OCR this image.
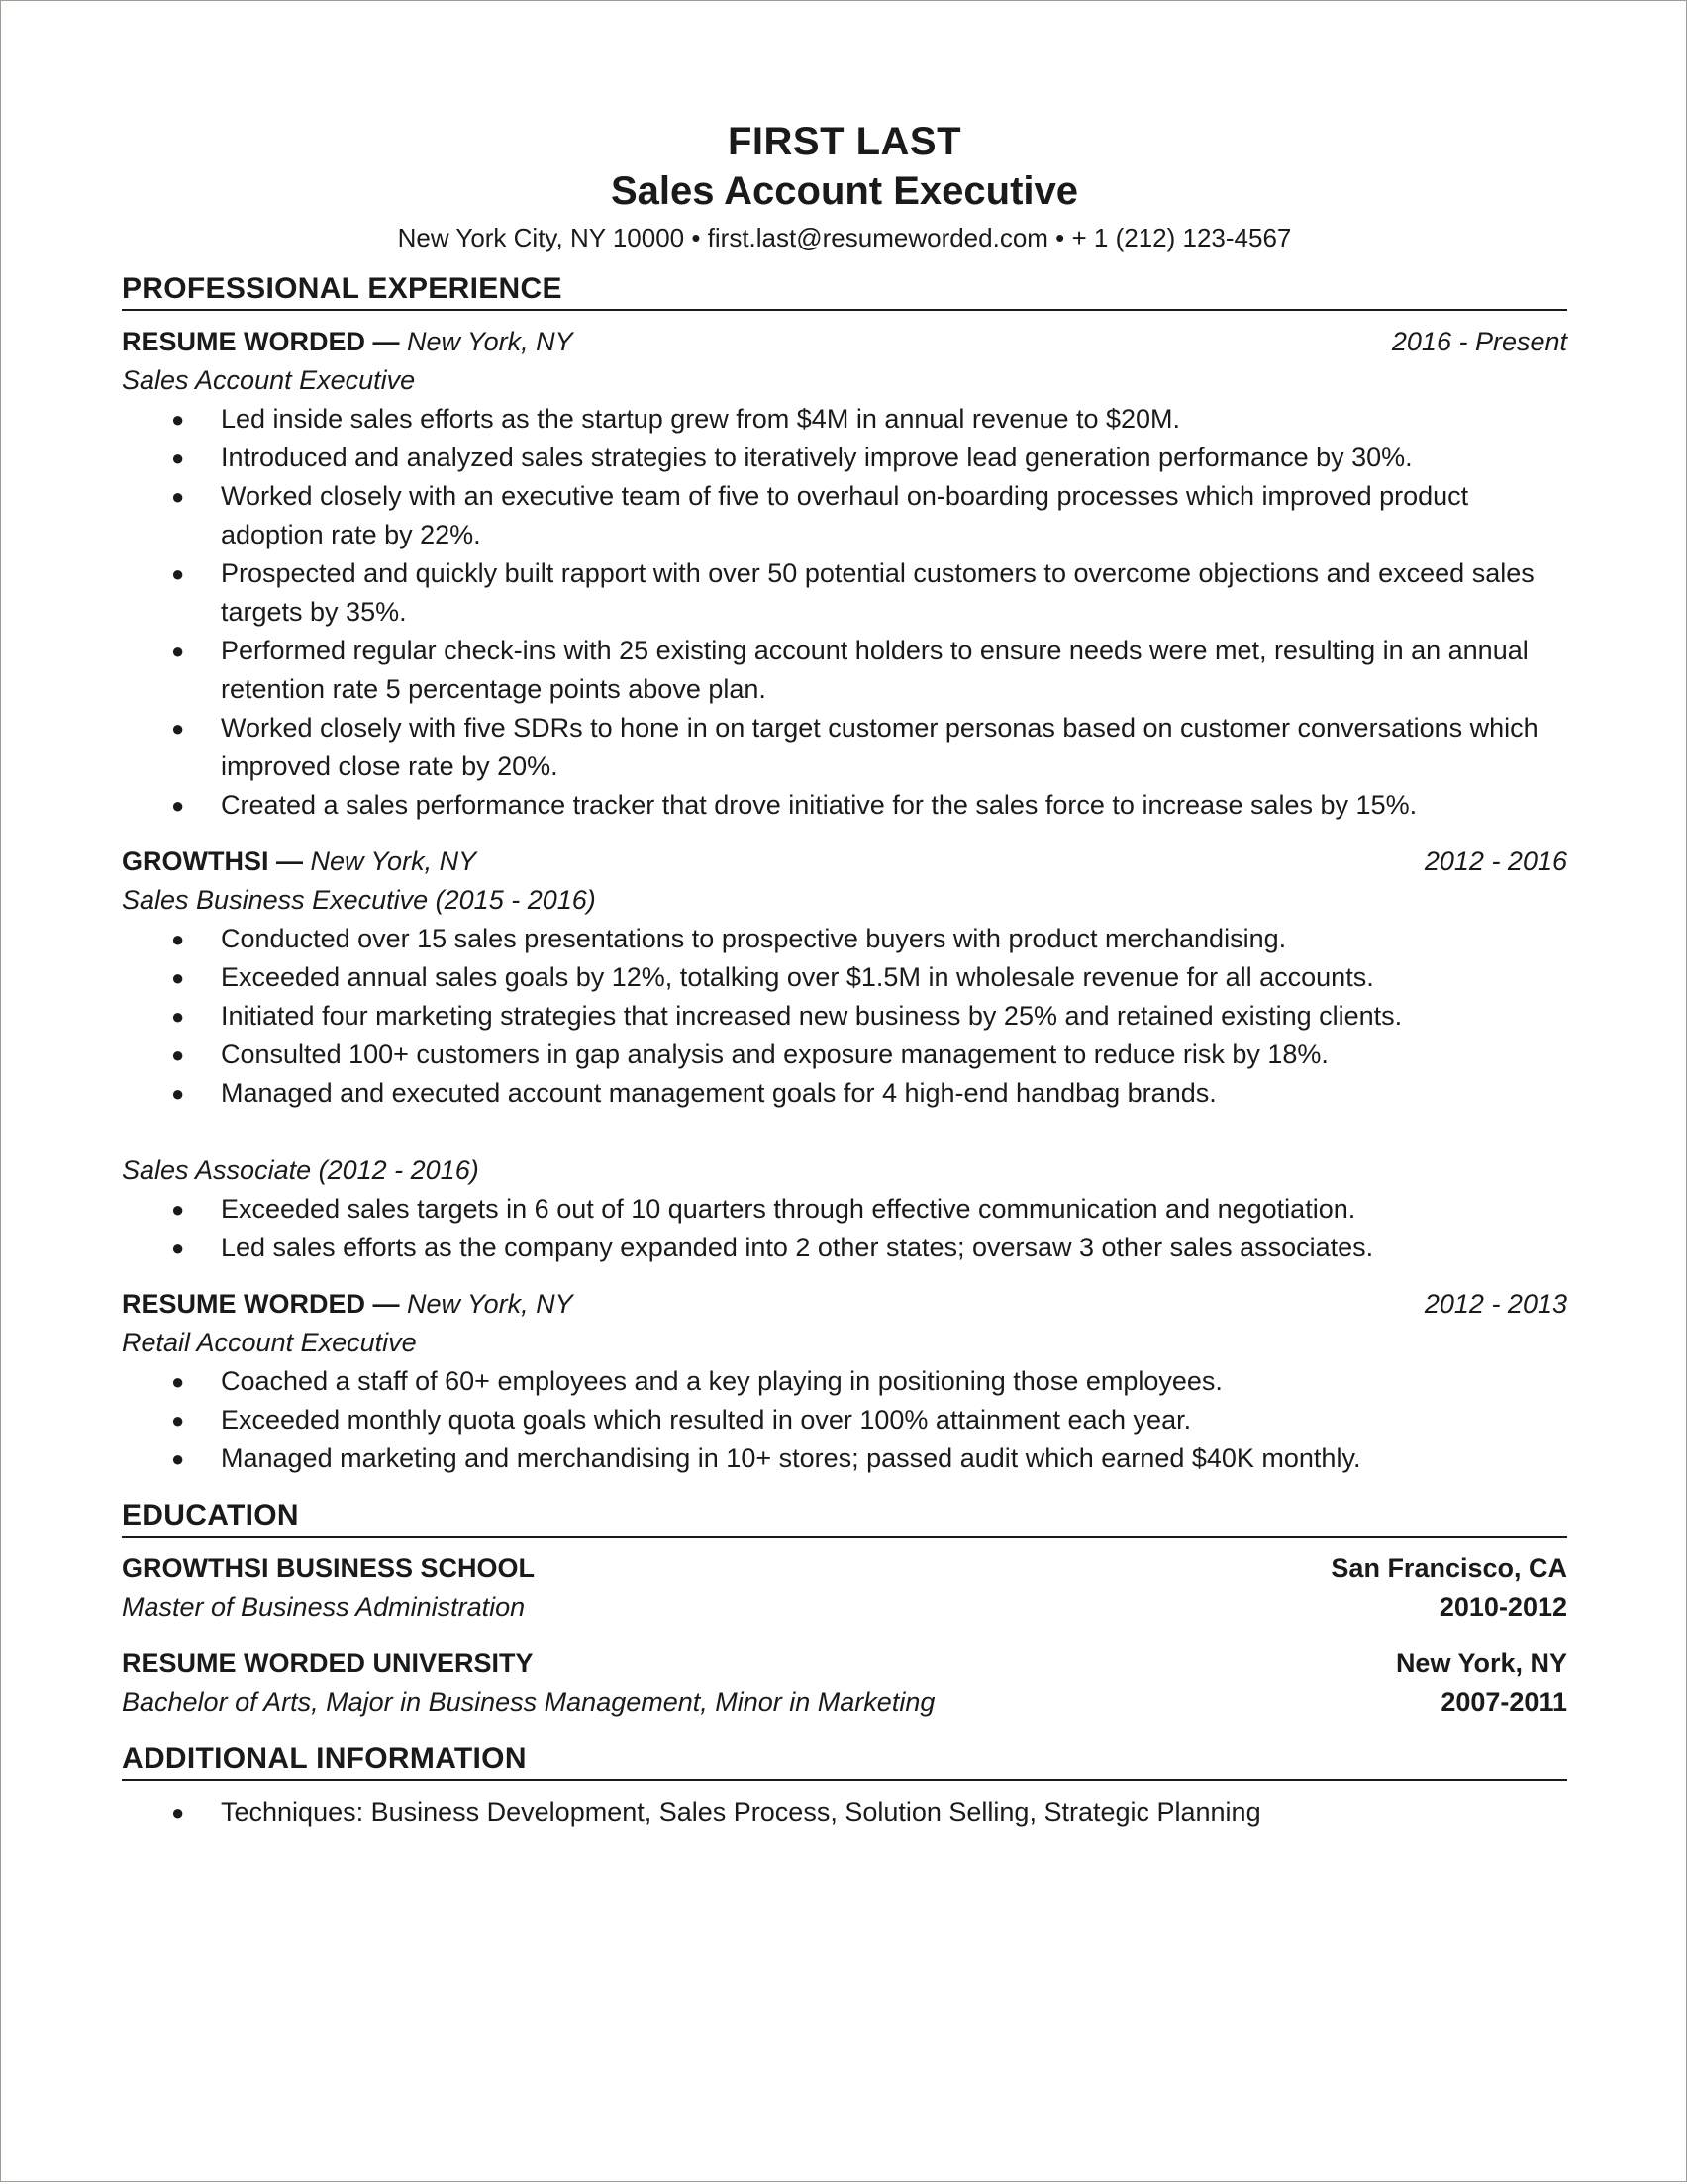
FIRST LAST
Sales Account Executive
New York City, NY 10000 • first.last@resumeworded.com • + 1 (212) 123-4567
PROFESSIONAL EXPERIENCE
RESUME WORDED — New York, NY	2016 - Present
Sales Account Executive
● Led inside sales efforts as the startup grew from $4M in annual revenue to $20M.
● Introduced and analyzed sales strategies to iteratively improve lead generation performance by 30%.
● Worked closely with an executive team of five to overhaul on-boarding processes which improved product adoption rate by 22%.
● Prospected and quickly built rapport with over 50 potential customers to overcome objections and exceed sales targets by 35%.
● Performed regular check-ins with 25 existing account holders to ensure needs were met, resulting in an annual retention rate 5 percentage points above plan.
● Worked closely with five SDRs to hone in on target customer personas based on customer conversations which improved close rate by 20%.
● Created a sales performance tracker that drove initiative for the sales force to increase sales by 15%.
GROWTHSI — New York, NY	2012 - 2016
Sales Business Executive (2015 - 2016)
● Conducted over 15 sales presentations to prospective buyers with product merchandising.
● Exceeded annual sales goals by 12%, totalking over $1.5M in wholesale revenue for all accounts.
● Initiated four marketing strategies that increased new business by 25% and retained existing clients.
● Consulted 100+ customers in gap analysis and exposure management to reduce risk by 18%.
● Managed and executed account management goals for 4 high-end handbag brands.
Sales Associate (2012 - 2016)
● Exceeded sales targets in 6 out of 10 quarters through effective communication and negotiation.
● Led sales efforts as the company expanded into 2 other states; oversaw 3 other sales associates.
RESUME WORDED — New York, NY	2012 - 2013
Retail Account Executive
● Coached a staff of 60+ employees and a key playing in positioning those employees.
● Exceeded monthly quota goals which resulted in over 100% attainment each year.
● Managed marketing and merchandising in 10+ stores; passed audit which earned $40K monthly.
EDUCATION
GROWTHSI BUSINESS SCHOOL	San Francisco, CA
Master of Business Administration	2010-2012
RESUME WORDED UNIVERSITY	New York, NY
Bachelor of Arts, Major in Business Management, Minor in Marketing	2007-2011
ADDITIONAL INFORMATION
● Techniques: Business Development, Sales Process, Solution Selling, Strategic Planning
